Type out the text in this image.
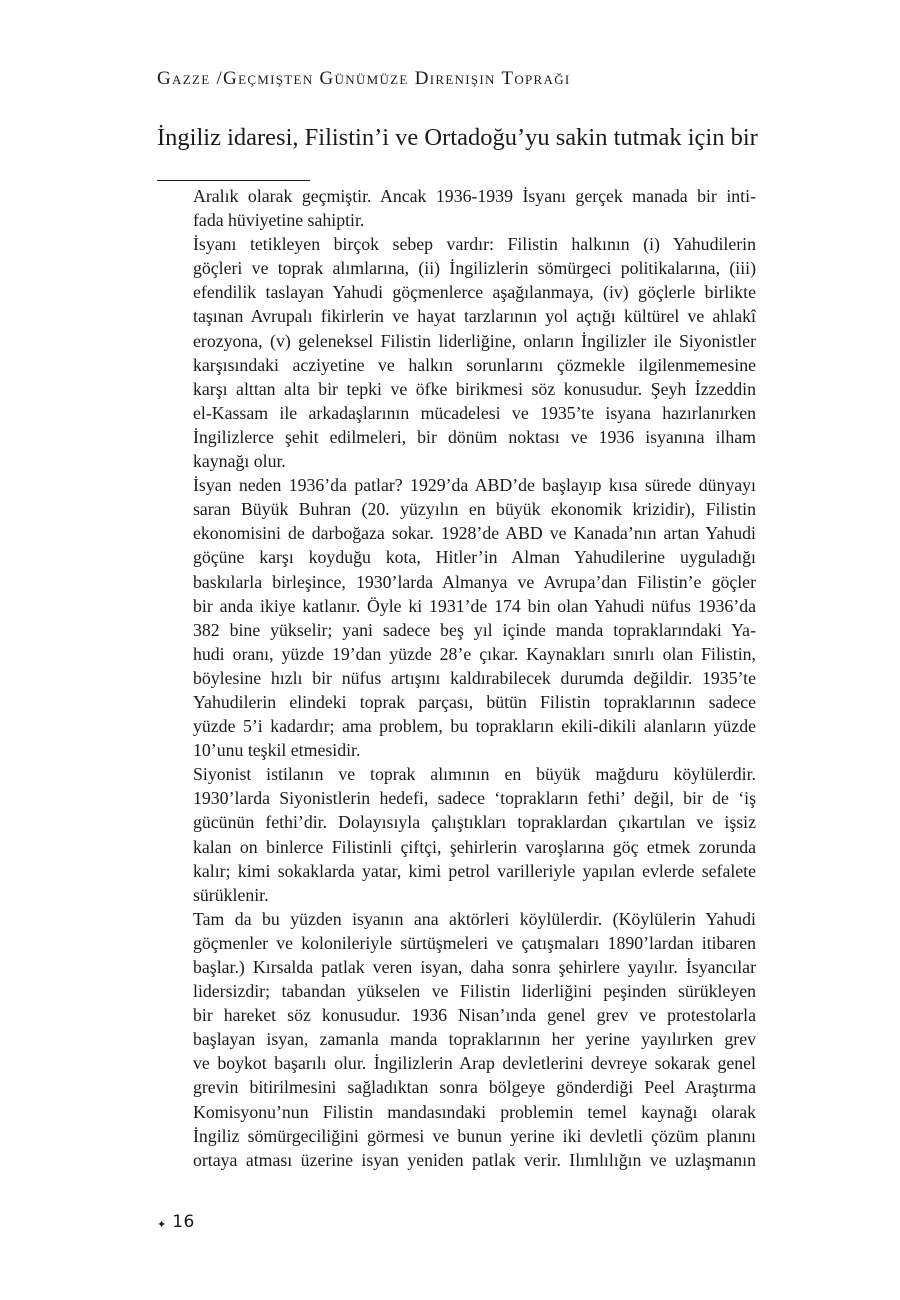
Gazze /Geçmişten Günümüze Direnişin Toprağı
İngiliz idaresi, Filistin’i ve Ortadoğu’yu sakin tutmak için bir
Aralık olarak geçmiştir. Ancak 1936-1939 İsyanı gerçek manada bir inti-
fada hüviyetine sahiptir.
İsyanı tetikleyen birçok sebep vardır: Filistin halkının (i) Yahudilerin
göçleri ve toprak alımlarına, (ii) İngilizlerin sömürgeci politikalarına, (iii)
efendilik taslayan Yahudi göçmenlerce aşağılanmaya, (iv) göçlerle birlikte
taşınan Avrupalı fikirlerin ve hayat tarzlarının yol açtığı kültürel ve ahlakî
erozyona, (v) geleneksel Filistin liderliğine, onların İngilizler ile Siyonistler
karşısındaki acziyetine ve halkın sorunlarını çözmekle ilgilenmemesine
karşı alttan alta bir tepki ve öfke birikmesi söz konusudur. Şeyh İzzeddin
el-Kassam ile arkadaşlarının mücadelesi ve 1935’te isyana hazırlanırken
İngilizlerce şehit edilmeleri, bir dönüm noktası ve 1936 isyanına ilham
kaynağı olur.
İsyan neden 1936’da patlar? 1929’da ABD’de başlayıp kısa sürede dünyayı
saran Büyük Buhran (20. yüzyılın en büyük ekonomik krizidir), Filistin
ekonomisini de darboğaza sokar. 1928’de ABD ve Kanada’nın artan Yahudi
göçüne karşı koyduğu kota, Hitler’in Alman Yahudilerine uyguladığı
baskılarla birleşince, 1930’larda Almanya ve Avrupa’dan Filistin’e göçler
bir anda ikiye katlanır. Öyle ki 1931’de 174 bin olan Yahudi nüfus 1936’da
382 bine yükselir; yani sadece beş yıl içinde manda topraklarındaki Ya-
hudi oranı, yüzde 19’dan yüzde 28’e çıkar. Kaynakları sınırlı olan Filistin,
böylesine hızlı bir nüfus artışını kaldırabilecek durumda değildir. 1935’te
Yahudilerin elindeki toprak parçası, bütün Filistin topraklarının sadece
yüzde 5’i kadardır; ama problem, bu toprakların ekili-dikili alanların yüzde
10’unu teşkil etmesidir.
Siyonist istilanın ve toprak alımının en büyük mağduru köylülerdir.
1930’larda Siyonistlerin hedefi, sadece ‘toprakların fethi’ değil, bir de ‘iş
gücünün fethi’dir. Dolayısıyla çalıştıkları topraklardan çıkartılan ve işsiz
kalan on binlerce Filistinli çiftçi, şehirlerin varoşlarına göç etmek zorunda
kalır; kimi sokaklarda yatar, kimi petrol varilleriyle yapılan evlerde sefalete
sürüklenir.
Tam da bu yüzden isyanın ana aktörleri köylülerdir. (Köylülerin Yahudi
göçmenler ve kolonileriyle sürtüşmeleri ve çatışmaları 1890’lardan itibaren
başlar.) Kırsalda patlak veren isyan, daha sonra şehirlere yayılır. İsyancılar
lidersizdir; tabandan yükselen ve Filistin liderliğini peşinden sürükleyen
bir hareket söz konusudur. 1936 Nisan’ında genel grev ve protestolarla
başlayan isyan, zamanla manda topraklarının her yerine yayılırken grev
ve boykot başarılı olur. İngilizlerin Arap devletlerini devreye sokarak genel
grevin bitirilmesini sağladıktan sonra bölgeye gönderdiği Peel Araştırma
Komisyonu’nun Filistin mandasındaki problemin temel kaynağı olarak
İngiliz sömürgeciliğini görmesi ve bunun yerine iki devletli çözüm planını
ortaya atması üzerine isyan yeniden patlak verir. Ilımlılığın ve uzlaşmanın
✦ 16
